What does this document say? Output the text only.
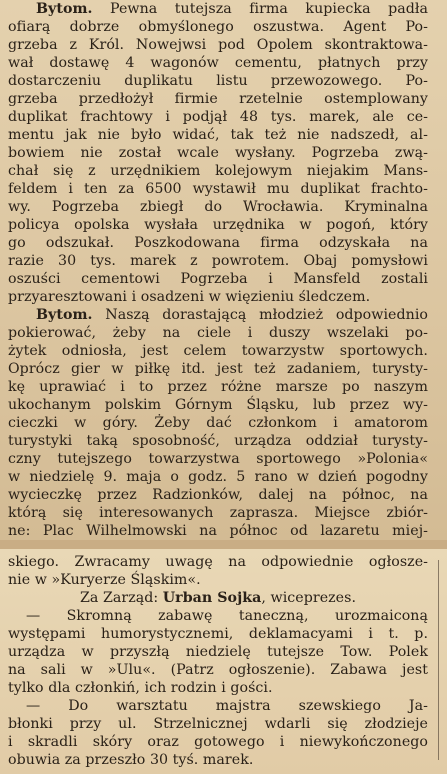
Bytom. Pewna tutejsza firma kupiecka padła

ofiarą dobrze obmyślonego oszustwa. Agent Po-

grzeba z Król. Nowejwsi pod Opolem skontraktowa-

wał dostawę 4 wagonów cementu, płatnych przy

dostarczeniu duplikatu listu przewozowego. Po-

grzeba przedłożył firmie rzetelnie ostemplowany

duplikat frachtowy i podjął 48 tys. marek, ale ce-

mentu jak nie było widać, tak też nie nadszedł, al-

bowiem nie został wcale wysłany. Pogrzeba zwą-

chał się z urzędnikiem kolejowym niejakim Mans-

feldem i ten za 6500 wystawił mu duplikat frachto-

wy. Pogrzeba zbiegł do Wrocławia. Kryminalna

policya opolska wysłała urzędnika w pogoń, który

go odszukał. Poszkodowana firma odzyskała na

razie 30 tys. marek z powrotem. Obaj pomysłowi

oszuści cementowi Pogrzeba i Mansfeld zostali

przyaresztowani i osadzeni w więzieniu śledczem.

Bytom. Naszą dorastającą młodzież odpowiednio

pokierować, żeby na ciele i duszy wszelaki po-

żytek odniosła, jest celem towarzystw sportowych.

Oprócz gier w piłkę itd. jest też zadaniem, turysty-

kę uprawiać i to przez różne marsze po naszym

ukochanym polskim Górnym Śląsku, lub przez wy-

cieczki w góry. Żeby dać członkom i amatorom

turystyki taką sposobność, urządza oddział turysty-

czny tutejszego towarzystwa sportowego »Polonia«

w niedzielę 9. maja o godz. 5 rano w dzień pogodny

wycieczkę przez Radzionków, dalej na północ, na

którą się interesowanych zaprasza. Miejsce zbiór-

ne: Plac Wilhelmowski na północ od lazaretu miej-

skiego. Zwracamy uwagę na odpowiednie ogłosze-

nie w »Kuryerze Śląskim«.

Za Zarząd: Urban Sojka, wiceprezes.

— Skromną zabawę taneczną, urozmaiconą

występami humorystycznemi, deklamacyami i t. p.

urządza w przyszłą niedzielę tutejsze Tow. Polek

na sali w »Ulu«. (Patrz ogłoszenie). Zabawa jest

tylko dla członkiń, ich rodzin i gości.

— Do warsztatu majstra szewskiego Ja-

błonki przy ul. Strzelnicznej wdarli się złodzieje

i skradli skóry oraz gotowego i niewykończonego

obuwia za przeszło 30 tyś. marek.
